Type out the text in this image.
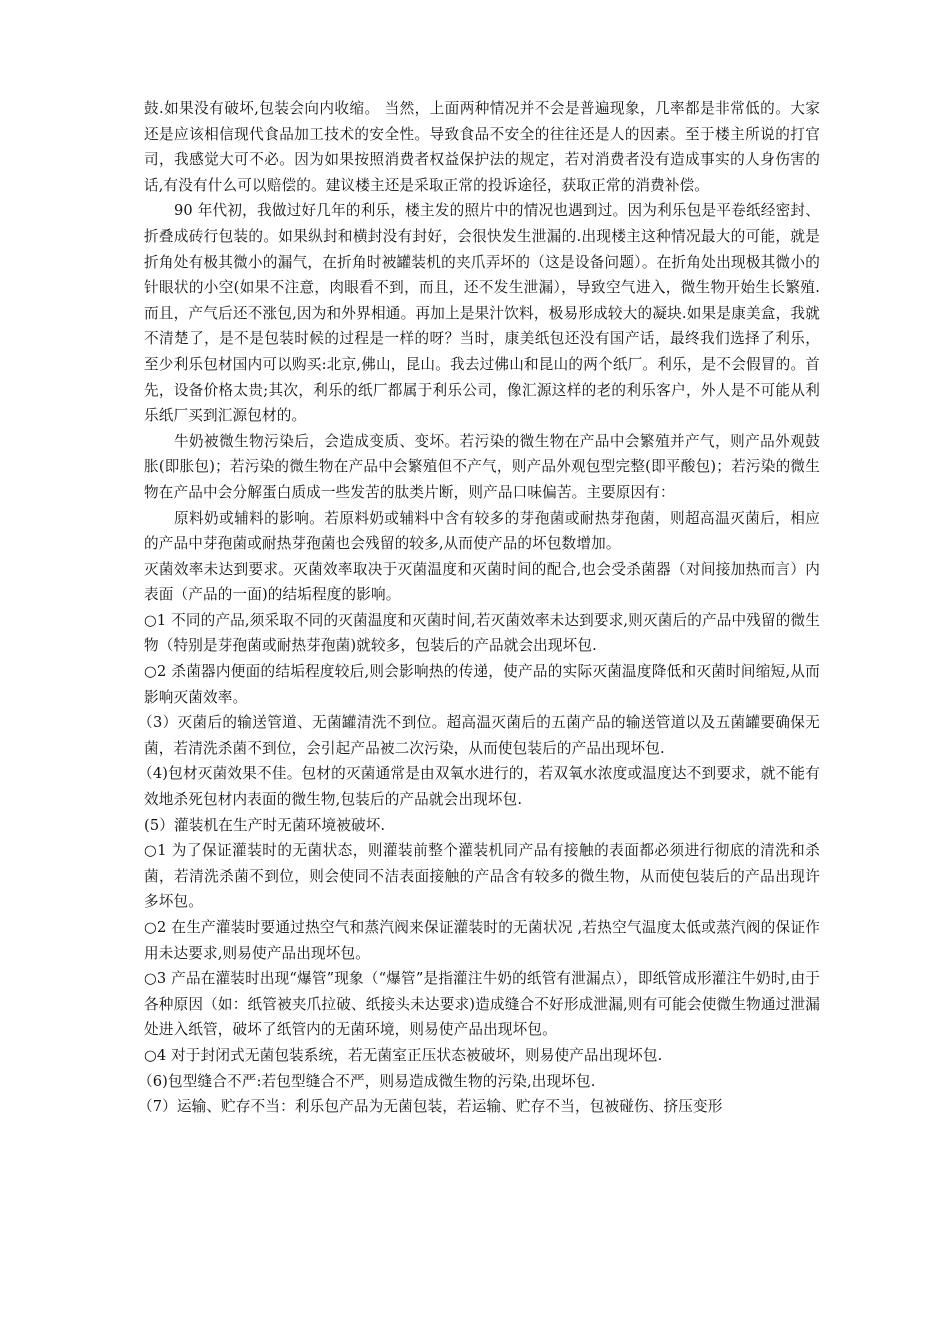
鼓.如果没有破坏,包装会向内收缩。 当然，上面两种情况并不会是普遍现象，几率都是非常低的。大家还是应该相信现代食品加工技术的安全性。导致食品不安全的往往还是人的因素。至于楼主所说的打官司，我感觉大可不必。因为如果按照消费者权益保护法的规定，若对消费者没有造成事实的人身伤害的话,有没有什么可以赔偿的。建议楼主还是采取正常的投诉途径，获取正常的消费补偿。

90 年代初，我做过好几年的利乐，楼主发的照片中的情况也遇到过。因为利乐包是平卷纸经密封、折叠成砖行包装的。如果纵封和横封没有封好，会很快发生泄漏的.出现楼主这种情况最大的可能，就是折角处有极其微小的漏气，在折角时被罐装机的夹爪弄坏的（这是设备问题）。在折角处出现极其微小的针眼状的小空(如果不注意，肉眼看不到，而且，还不发生泄漏），导致空气进入，微生物开始生长繁殖.而且，产气后还不涨包,因为和外界相通。再加上是果汁饮料，极易形成较大的凝块.如果是康美盒，我就不清楚了，是不是包装时候的过程是一样的呀？当时，康美纸包还没有国产话，最终我们选择了利乐，至少利乐包材国内可以购买:北京,佛山，昆山。我去过佛山和昆山的两个纸厂。利乐，是不会假冒的。首先，设备价格太贵;其次，利乐的纸厂都属于利乐公司，像汇源这样的老的利乐客户，外人是不可能从利乐纸厂买到汇源包材的。

牛奶被微生物污染后，会造成变质、变坏。若污染的微生物在产品中会繁殖并产气，则产品外观鼓胀(即胀包)；若污染的微生物在产品中会繁殖但不产气，则产品外观包型完整(即平酸包)；若污染的微生物在产品中会分解蛋白质成一些发苦的肽类片断，则产品口味偏苦。主要原因有：

原料奶或辅料的影响。若原料奶或辅料中含有较多的芽孢菌或耐热芽孢菌，则超高温灭菌后，相应的产品中芽孢菌或耐热芽孢菌也会残留的较多,从而使产品的坏包数增加。

灭菌效率未达到要求。灭菌效率取决于灭菌温度和灭菌时间的配合,也会受杀菌器（对间接加热而言）内表面（产品的一面)的结垢程度的影响。

○1 不同的产品,须采取不同的灭菌温度和灭菌时间,若灭菌效率未达到要求,则灭菌后的产品中残留的微生物（特别是芽孢菌或耐热芽孢菌)就较多，包装后的产品就会出现坏包.

○2 杀菌器内便面的结垢程度较后,则会影响热的传递，使产品的实际灭菌温度降低和灭菌时间缩短,从而影响灭菌效率。

（3）灭菌后的输送管道、无菌罐清洗不到位。超高温灭菌后的五菌产品的输送管道以及五菌罐要确保无菌，若清洗杀菌不到位，会引起产品被二次污染，从而使包装后的产品出现坏包.

（4)包材灭菌效果不佳。包材的灭菌通常是由双氧水进行的，若双氧水浓度或温度达不到要求，就不能有效地杀死包材内表面的微生物,包装后的产品就会出现坏包.

(5）灌装机在生产时无菌环境被破坏.

○1 为了保证灌装时的无菌状态，则灌装前整个灌装机同产品有接触的表面都必须进行彻底的清洗和杀菌，若清洗杀菌不到位，则会使同不洁表面接触的产品含有较多的微生物，从而使包装后的产品出现许多坏包。

○2 在生产灌装时要通过热空气和蒸汽阀来保证灌装时的无菌状况 ,若热空气温度太低或蒸汽阀的保证作用未达要求,则易使产品出现坏包。

○3 产品在灌装时出现“爆管”现象（“爆管”是指灌注牛奶的纸管有泄漏点），即纸管成形灌注牛奶时,由于各种原因（如：纸管被夹爪拉破、纸接头未达要求)造成缝合不好形成泄漏,则有可能会使微生物通过泄漏处进入纸管，破坏了纸管内的无菌环境，则易使产品出现坏包。

○4 对于封闭式无菌包装系统，若无菌室正压状态被破坏，则易使产品出现坏包.

（6)包型缝合不严:若包型缝合不严，则易造成微生物的污染,出现坏包.

（7）运输、贮存不当：利乐包产品为无菌包装，若运输、贮存不当，包被碰伤、挤压变形
